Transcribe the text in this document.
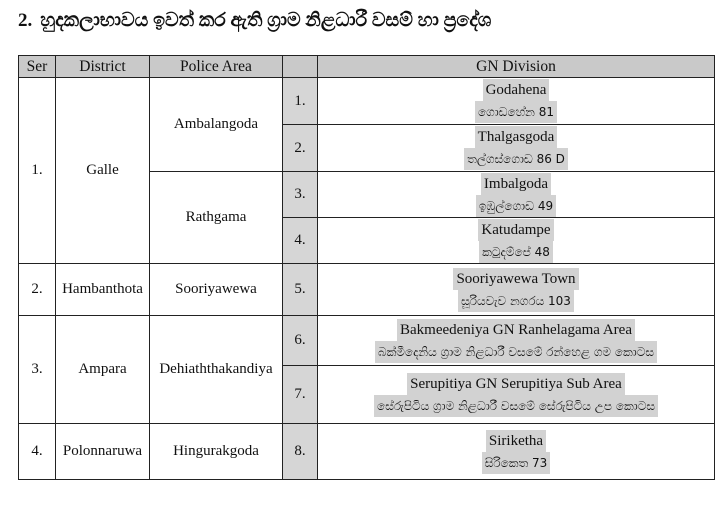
2. හුදකලාභාවය ඉවත් කර ඇති ග්‍රාම නිළධාරී වසම් හා ප්‍රදේශ
Ser	District	Police Area		GN Division
1.	Galle	Ambalangoda	1.	Godahena
ගොඩහේන 81
			2.	Thalgasgoda
තල්ගස්ගොඩ 86 D
		Rathgama	3.	Imbalgoda
ඉඹුල්ගොඩ 49
			4.	Katudampe
කටුදම්පේ 48
2.	Hambanthota	Sooriyawewa	5.	Sooriyawewa Town
සූරියවැව නගරය 103
3.	Ampara	Dehiaththakandiya	6.	Bakmeedeniya GN Ranhelagama Area
බක්මීදෙනිය ග්‍රාම නිළධාරී වසමේ රන්හෙළ ගම කොටස
			7.	Serupitiya GN Serupitiya Sub Area
සේරුපිටිය ග්‍රාම නිළධාරී වසමේ සේරුපිටිය උප කොටස
4.	Polonnaruwa	Hingurakgoda	8.	Siriketha
සිරිකෙත 73
